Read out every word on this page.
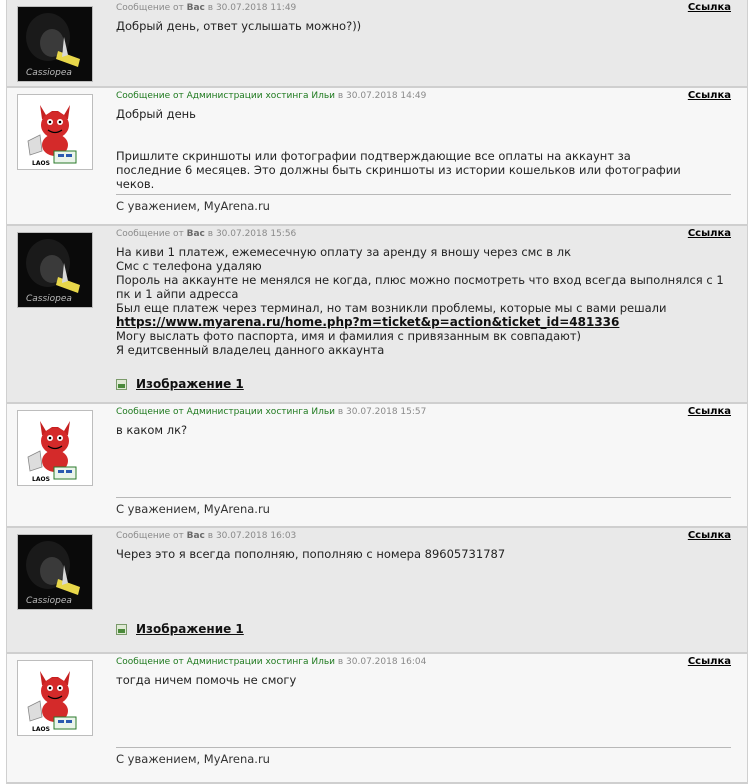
Cassiopea
Сообщение от Вас в 30.07.2018 11:49	Ссылка

Добрый день, ответ услышать можно?))

LAOS
Сообщение от Администрации хостинга Ильи в 30.07.2018 14:49	Ссылка

Добрый день

Пришлите скриншоты или фотографии подтверждающие все оплаты на аккаунт за последние 6 месяцев. Это должны быть скриншоты из истории кошельков или фотографии чеков.

С уважением, MyArena.ru
Cassiopea
Сообщение от Вас в 30.07.2018 15:56	Ссылка

На киви 1 платеж, ежемесечную оплату за аренду я вношу через смс в лк

Смс с телефона удаляю

Пороль на аккаунте не менялся не когда, плюс можно посмотреть что вход всегда выполнялся с 1 пк и 1 айпи адресса

Был еще платеж через терминал, но там возникли проблемы, которые мы с вами решали

https://www.myarena.ru/home.php?m=ticket&p=action&ticket_id=481336

Могу выслать фото паспорта, имя и фамилия с привязанным вк совпадают)

Я едитсвенный владелец данного аккаунта

Изображение 1
LAOS
Сообщение от Администрации хостинга Ильи в 30.07.2018 15:57	Ссылка

в каком лк?

С уважением, MyArena.ru
Cassiopea
Сообщение от Вас в 30.07.2018 16:03	Ссылка

Через это я всегда пополняю, пополняю с номера 89605731787

Изображение 1
LAOS
Сообщение от Администрации хостинга Ильи в 30.07.2018 16:04	Ссылка

тогда ничем помочь не смогу

С уважением, MyArena.ru
